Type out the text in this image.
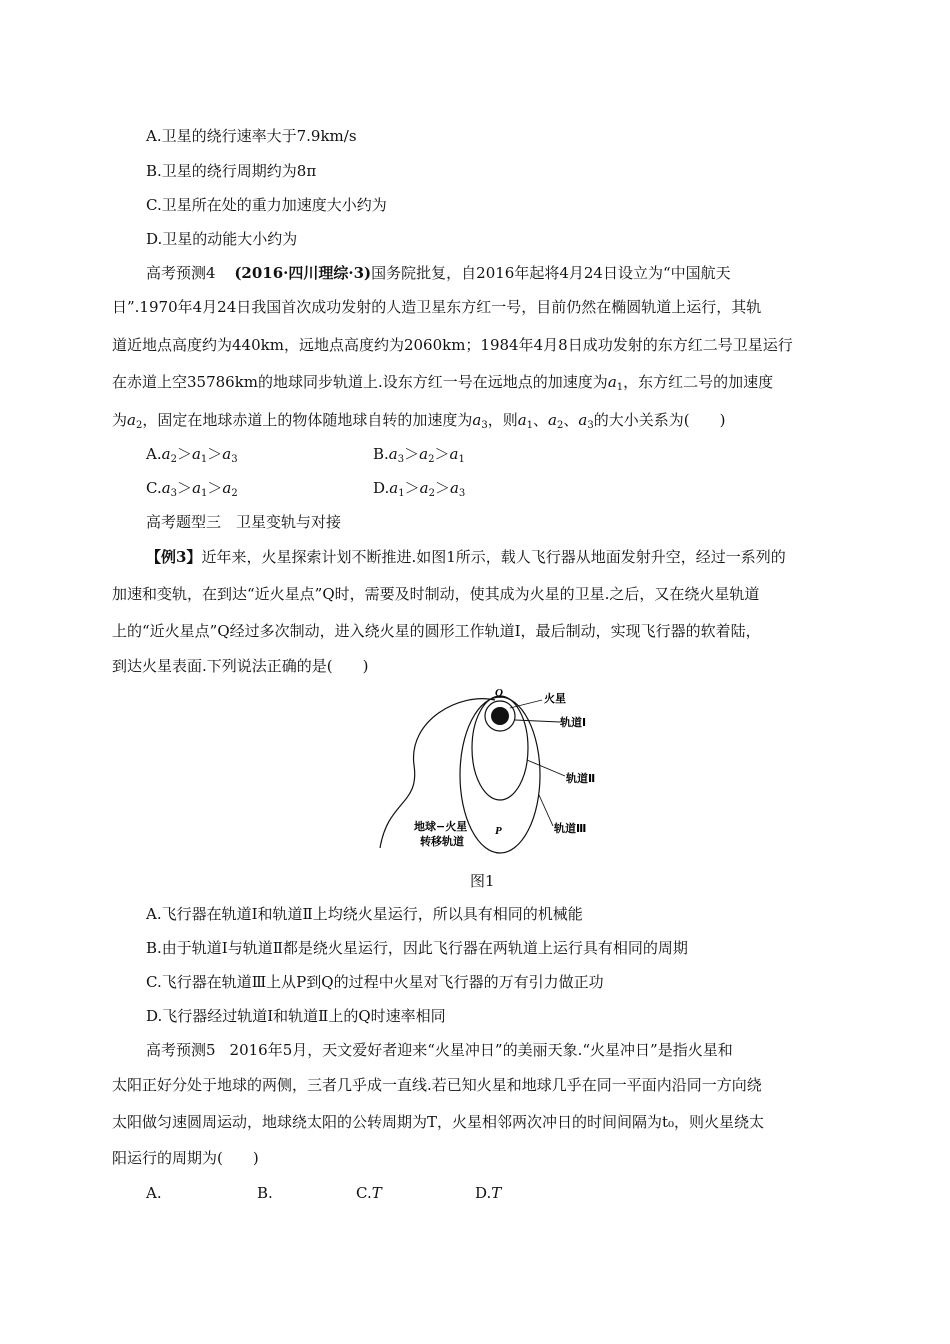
A.卫星的绕行速率大于7.9km/s
B.卫星的绕行周期约为8π
C.卫星所在处的重力加速度大小约为
D.卫星的动能大小约为
高考预测4 (2016·四川理综·3)国务院批复，自2016年起将4月24日设立为“中国航天
日”.1970年4月24日我国首次成功发射的人造卫星东方红一号，目前仍然在椭圆轨道上运行，其轨
道近地点高度约为440km，远地点高度约为2060km；1984年4月8日成功发射的东方红二号卫星运行
在赤道上空35786km的地球同步轨道上.设东方红一号在远地点的加速度为$a_1$，东方红二号的加速度
为$a_2$，固定在地球赤道上的物体随地球自转的加速度为$a_3$，则$a_1$、$a_2$、$a_3$的大小关系为(　　)
$A.a_2>a_1>a_3$	$B.a_3>a_2>a_1$
$C.a_3>a_1>a_2$	$D.a_1>a_2>a_3$
高考题型三　卫星变轨与对接
【例3】近年来，火星探索计划不断推进.如图1所示，载人飞行器从地面发射升空，经过一系列的
加速和变轨，在到达“近火星点”Q时，需要及时制动，使其成为火星的卫星.之后，又在绕火星轨道
上的“近火星点”Q经过多次制动，进入绕火星的圆形工作轨道Ⅰ，最后制动，实现飞行器的软着陆，
到达火星表面.下列说法正确的是(　　)
Q	火星
轨道Ⅰ
轨道Ⅱ
轨道Ⅲ
P
地球−火星
转移轨道
图1
A.飞行器在轨道Ⅰ和轨道Ⅱ上均绕火星运行，所以具有相同的机械能
B.由于轨道Ⅰ与轨道Ⅱ都是绕火星运行，因此飞行器在两轨道上运行具有相同的周期
C.飞行器在轨道Ⅲ上从P到Q的过程中火星对飞行器的万有引力做正功
D.飞行器经过轨道Ⅰ和轨道Ⅱ上的Q时速率相同
高考预测5 2016年5月，天文爱好者迎来“火星冲日”的美丽天象.“火星冲日”是指火星和
太阳正好分处于地球的两侧，三者几乎成一直线.若已知火星和地球几乎在同一平面内沿同一方向绕
太阳做匀速圆周运动，地球绕太阳的公转周期为T，火星相邻两次冲日的时间间隔为t₀，则火星绕太
阳运行的周期为(　　)
A.	B.	C.T	D.T
